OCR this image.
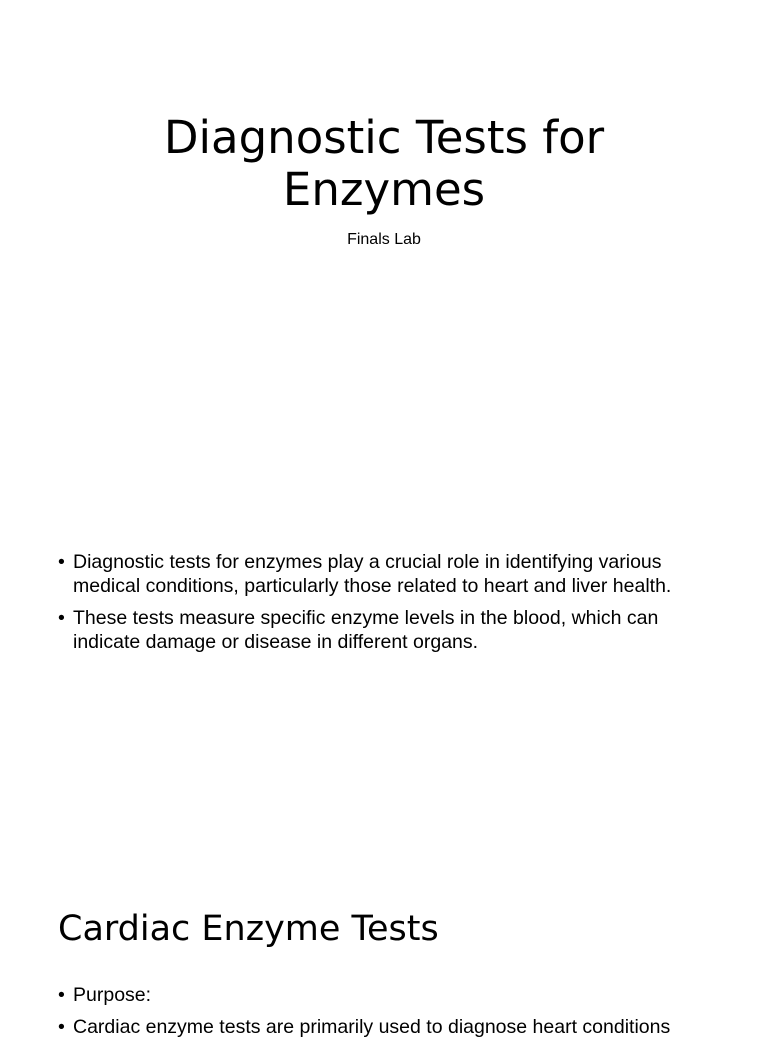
Diagnostic Tests for
Enzymes

Finals Lab

• Diagnostic tests for enzymes play a crucial role in identifying various medical conditions, particularly those related to heart and liver health.
• These tests measure specific enzyme levels in the blood, which can indicate damage or disease in different organs.
Cardiac Enzyme Tests
• Purpose:
• Cardiac enzyme tests are primarily used to diagnose heart conditions
